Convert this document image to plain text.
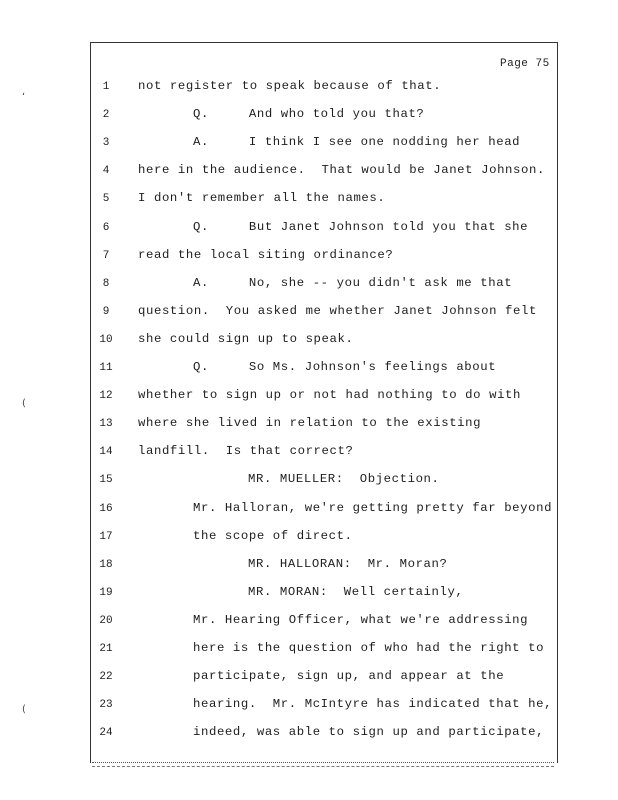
Page 75
ʻ
(
(
1	not register to speak because of that.
2	Q.     And who told you that?
3	A.     I think I see one nodding her head
4	here in the audience.  That would be Janet Johnson.
5	I don't remember all the names.
6	Q.     But Janet Johnson told you that she
7	read the local siting ordinance?
8	A.     No, she -- you didn't ask me that
9	question.  You asked me whether Janet Johnson felt
10 she could sign up to speak.
11	Q.     So Ms. Johnson's feelings about
12 whether to sign up or not had nothing to do with
13 where she lived in relation to the existing
14 landfill.  Is that correct?
15	MR. MUELLER:  Objection.
16	Mr. Halloran, we're getting pretty far beyond
17	the scope of direct.
18	MR. HALLORAN:  Mr. Moran?
19	MR. MORAN:  Well certainly,
20	Mr. Hearing Officer, what we're addressing
21	here is the question of who had the right to
22	participate, sign up, and appear at the
23	hearing.  Mr. McIntyre has indicated that he,
24	indeed, was able to sign up and participate,
